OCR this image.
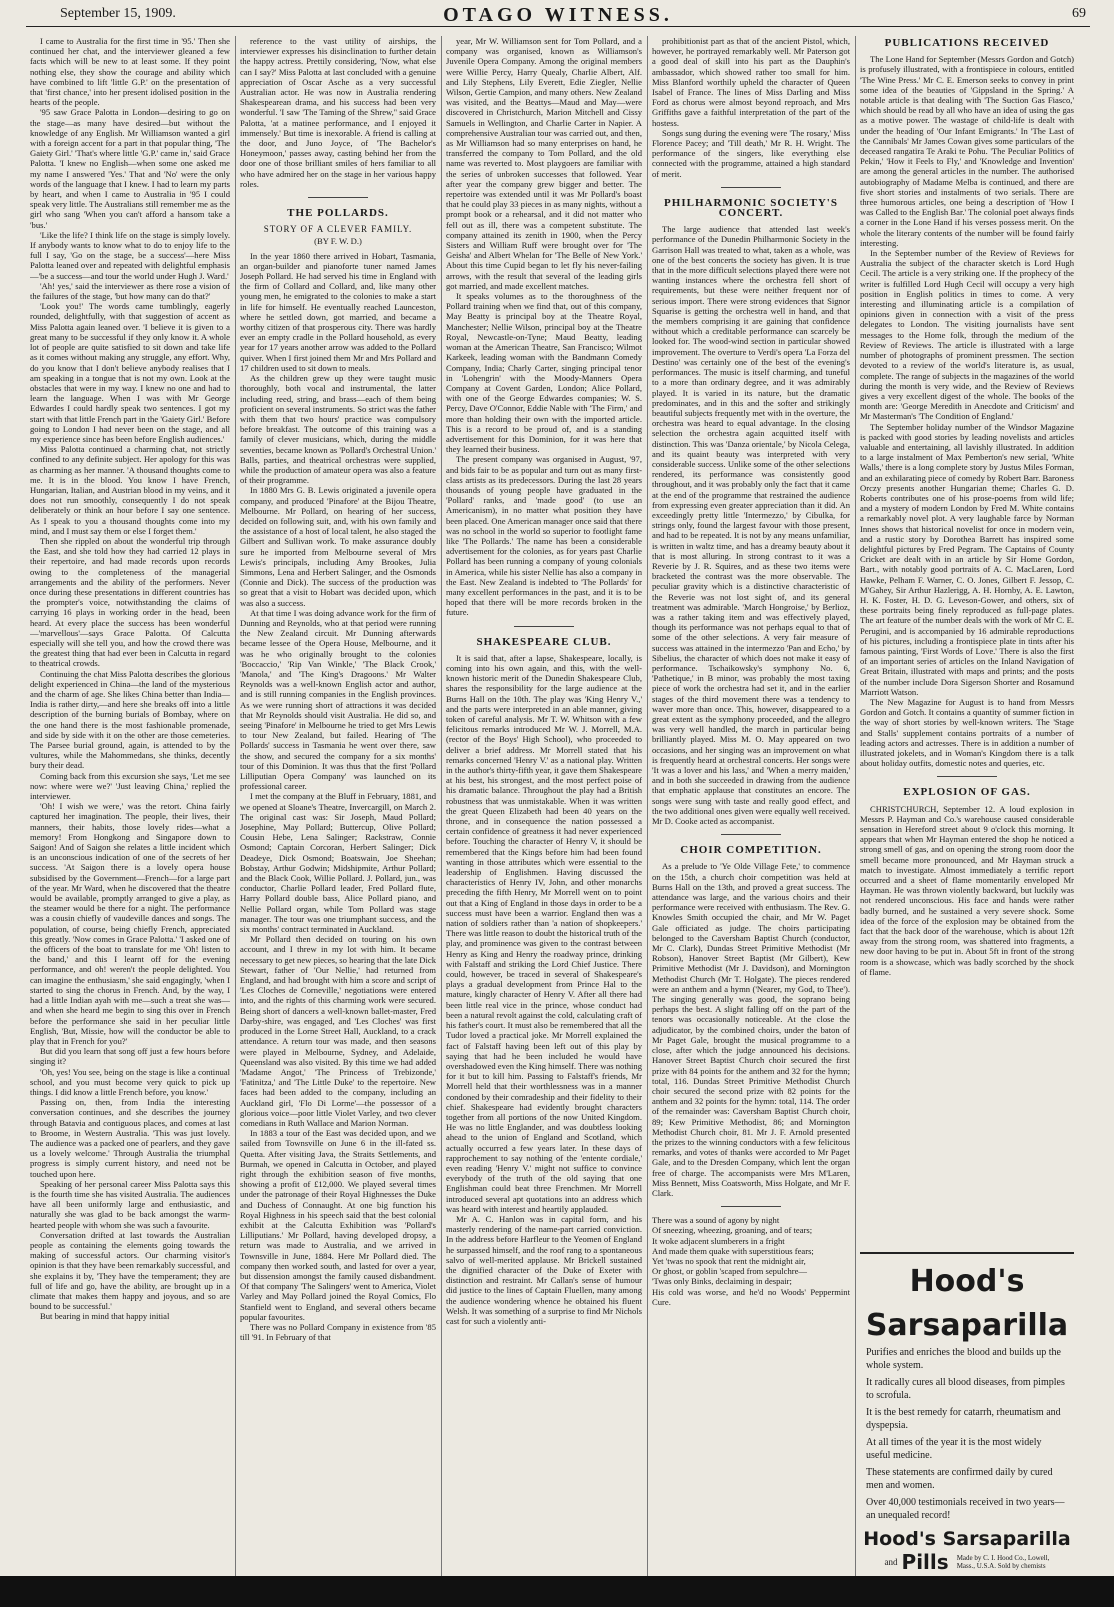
September 15, 1909.	OTAGO WITNESS.	69

I came to Australia for the first time in '95.' Then she continued her chat, and the interviewer gleaned a few facts which will be new to at least some. If they point nothing else, they show the courage and ability which have combined to lift 'little G.P.' on the presentation of that 'first chance,' into her present idolised position in the hearts of the people.

'95 saw Grace Palotta in London—desiring to go on the stage—as many have desired—but without the knowledge of any English. Mr Williamson wanted a girl with a foreign accent for a part in that popular thing, 'The Gaiety Girl.' 'That's where little 'G.P.' came in,' said Grace Palotta. 'I knew no English—when some one asked me my name I answered 'Yes.' That and 'No' were the only words of the language that I knew. I had to learn my parts by heart, and when I came to Australia in '95 I could speak very little. The Australians still remember me as the girl who sang 'When you can't afford a hansom take a 'bus.'

'Like the life? I think life on the stage is simply lovely. If anybody wants to know what to do to enjoy life to the full I say, 'Go on the stage, be a success'—here Miss Palotta leaned over and repeated with delightful emphasis—'be a success—and tour the world under Hugh J. Ward.'

'Ah! yes,' said the interviewer as there rose a vision of the failures of the stage, 'but how many can do that?'

'Look you!' The words came tumblingly, eagerly rounded, delightfully, with that suggestion of accent as Miss Palotta again leaned over. 'I believe it is given to a great many to be successful if they only know it. A whole lot of people are quite satisfied to sit down and take life as it comes without making any struggle, any effort. Why, do you know that I don't believe anybody realises that I am speaking in a tongue that is not my own. Look at the obstacles that were in my way. I knew no one and had to learn the language. When I was with Mr George Edwardes I could hardly speak two sentences. I got my start with that little French part in the 'Gaiety Girl.' Before going to London I had never been on the stage, and all my experience since has been before English audiences.'

Miss Palotta continued a charming chat, not strictly confined to any definite subject. Her apology for this was as charming as her manner. 'A thousand thoughts come to me. It is in the blood. You know I have French, Hungarian, Italian, and Austrian blood in my veins, and it does not run smoothly, consequently I do not speak deliberately or think an hour before I say one sentence. As I speak to you a thousand thoughts come into my mind, and I must say them or else I forget them.'

Then she rippled on about the wonderful trip through the East, and she told how they had carried 12 plays in their repertoire, and had made records upon records owing to the completeness of the managerial arrangements and the ability of the performers. Never once during these presentations in different countries has the prompter's voice, notwithstanding the claims of carrying 16 plays in working order in the head, been heard. At every place the success has been wonderful—'marvellous'—says Grace Palotta. Of Calcutta especially will she tell you, and how the crowd there was the greatest thing that had ever been in Calcutta in regard to theatrical crowds.

Continuing the chat Miss Palotta describes the glorious delight experienced in China—the land of the mysterious and the charm of age. She likes China better than India—India is rather dirty,—and here she breaks off into a little description of the burning burials of Bombay, where on the one hand there is the most fashionable promenade, and side by side with it on the other are those cemeteries. The Parsee burial ground, again, is attended to by the vultures, while the Mahommedans, she thinks, decently bury their dead.

Coming back from this excursion she says, 'Let me see now: where were we?' 'Just leaving China,' replied the interviewer.

'Oh! I wish we were,' was the retort. China fairly captured her imagination. The people, their lives, their manners, their habits, those lovely rides—what a memory! From Hongkong and Singapore down to Saigon! And of Saigon she relates a little incident which is an unconscious indication of one of the secrets of her success. 'At Saigon there is a lovely opera house subsidised by the Government—French—for a large part of the year. Mr Ward, when he discovered that the theatre would be available, promptly arranged to give a play, as the steamer would be there for a night. The performance was a cousin chiefly of vaudeville dances and songs. The population, of course, being chiefly French, appreciated this greatly. 'Now comes in Grace Palotta.' 'I asked one of the officers of the boat to translate for me 'Oh! listen to the band,' and this I learnt off for the evening performance, and oh! weren't the people delighted. You can imagine the enthusiasm,' she said engagingly, 'when I started to sing the chorus in French. And, by the way, I had a little Indian ayah with me—such a treat she was—and when she heard me begin to sing this over in French before the performance she said in her peculiar little English, 'But, Missie, how will the conductor be able to play that in French for you?'

But did you learn that song off just a few hours before singing it?

'Oh, yes! You see, being on the stage is like a continual school, and you must become very quick to pick up things. I did know a little French before, you know.'

Passing on, then, from India the interesting conversation continues, and she describes the journey through Batavia and contiguous places, and comes at last to Broome, in Western Australia. 'This was just lovely. The audience was a packed one of pearlers, and they gave us a lovely welcome.' Through Australia the triumphal progress is simply current history, and need not be touched upon here.

Speaking of her personal career Miss Palotta says this is the fourth time she has visited Australia. The audiences have all been uniformly large and enthusiastic, and naturally she was glad to be back amongst the warm-hearted people with whom she was such a favourite.

Conversation drifted at last towards the Australian people as containing the elements going towards the making of successful actors. Our charming visitor's opinion is that they have been remarkably successful, and she explains it by, 'They have the temperament; they are full of life and go, have the ability, are brought up in a climate that makes them happy and joyous, and so are bound to be successful.'

But bearing in mind that happy initial

reference to the vast utility of airships, the interviewer expresses his disinclination to further detain the happy actress. Prettily considering, 'Now, what else can I say?' Miss Palotta at last concluded with a genuine appreciation of Oscar Asche as a very successful Australian actor. He was now in Australia rendering Shakespearean drama, and his success had been very wonderful. 'I saw 'The Taming of the Shrew,'' said Grace Palotta, 'at a matinee performance, and I enjoyed it immensely.' But time is inexorable. A friend is calling at the door, and Juno Joyce, of 'The Bachelor's Honeymoon,' passes away, casting behind her from the door one of those brilliant smiles of hers familiar to all who have admired her on the stage in her various happy roles.

THE POLLARDS.

STORY OF A CLEVER FAMILY.

(BY F. W. D.)

In the year 1860 there arrived in Hobart, Tasmania, an organ-builder and pianoforte tuner named James Joseph Pollard. He had served his time in England with the firm of Collard and Collard, and, like many other young men, he emigrated to the colonies to make a start in life for himself. He eventually reached Launceston, where he settled down, got married, and became a worthy citizen of that prosperous city. There was hardly ever an empty cradle in the Pollard household, as every year for 17 years another arrow was added to the Pollard quiver. When I first joined them Mr and Mrs Pollard and 17 children used to sit down to meals.

As the children grew up they were taught music thoroughly, both vocal and instrumental, the latter including reed, string, and brass—each of them being proficient on several instruments. So strict was the father with them that two hours' practice was compulsory before breakfast. The outcome of this training was a family of clever musicians, which, during the middle seventies, became known as 'Pollard's Orchestral Union.' Balls, parties, and theatrical orchestras were supplied, while the production of amateur opera was also a feature of their programme.

In 1880 Mrs G. B. Lewis originated a juvenile opera company, and produced 'Pinafore' at the Bijou Theatre, Melbourne. Mr Pollard, on hearing of her success, decided on following suit, and, with his own family and the assistance of a host of local talent, he also staged the Gilbert and Sullivan work. To make assurance doubly sure he imported from Melbourne several of Mrs Lewis's principals, including Amy Brookes, Julia Simmons, Lena and Herbert Salinger, and the Osmonds (Connie and Dick). The success of the production was so great that a visit to Hobart was decided upon, which was also a success.

At that time I was doing advance work for the firm of Dunning and Reynolds, who at that period were running the New Zealand circuit. Mr Dunning afterwards became lessee of the Opera House, Melbourne, and it was he who originally brought to the colonies 'Boccaccio,' 'Rip Van Winkle,' 'The Black Crook,' 'Manola,' and 'The King's Dragoons.' Mr Walter Reynolds was a well-known English actor and author, and is still running companies in the English provinces. As we were running short of attractions it was decided that Mr Reynolds should visit Australia. He did so, and seeing 'Pinafore' in Melbourne he tried to get Mrs Lewis to tour New Zealand, but failed. Hearing of 'The Pollards' success in Tasmania he went over there, saw the show, and secured the company for a six months' tour of this Dominion. It was thus that the first 'Pollard Lilliputian Opera Company' was launched on its professional career.

I met the company at the Bluff in February, 1881, and we opened at Sloane's Theatre, Invercargill, on March 2. The original cast was: Sir Joseph, Maud Pollard; Josephine, May Pollard; Buttercup, Olive Pollard; Cousin Hebe, Lena Salinger; Rackstraw, Connie Osmond; Captain Corcoran, Herbert Salinger; Dick Deadeye, Dick Osmond; Boatswain, Joe Sheehan; Bobstay, Arthur Godwin; Midshipmite, Arthur Pollard; and the Black Cook, Willie Pollard. J. Pollard, jun., was conductor, Charlie Pollard leader, Fred Pollard flute, Harry Pollard double bass, Alice Pollard piano, and Nellie Pollard organ, while Tom Pollard was stage manager. The tour was one triumphant success, and the six months' contract terminated in Auckland.

Mr Pollard then decided on touring on his own account, and I threw in my lot with him. It became necessary to get new pieces, so hearing that the late Dick Stewart, father of 'Our Nellie,' had returned from England, and had brought with him a score and script of 'Les Cloches de Corneville,' negotiations were entered into, and the rights of this charming work were secured. Being short of dancers a well-known ballet-master, Fred Darby-shire, was engaged, and 'Les Cloches' was first produced in the Lorne Street Hall, Auckland, to a crack attendance. A return tour was made, and then seasons were played in Melbourne, Sydney, and Adelaide, Queensland was also visited. By this time we had added 'Madame Angot,' 'The Princess of Trebizonde,' 'Fatinitza,' and 'The Little Duke' to the repertoire. New faces had been added to the company, including an Auckland girl, 'Flo Di Lorme'—the possessor of a glorious voice—poor little Violet Varley, and two clever comedians in Ruth Wallace and Marion Norman.

In 1883 a tour of the East was decided upon, and we sailed from Townsville on June 6 in the ill-fated ss. Quetta. After visiting Java, the Straits Settlements, and Burmah, we opened in Calcutta in October, and played right through the exhibition season of five months, showing a profit of £12,000. We played several times under the patronage of their Royal Highnesses the Duke and Duchess of Connaught. At one big function his Royal Highness in his speech said that the best colonial exhibit at the Calcutta Exhibition was 'Pollard's Lilliputians.' Mr Pollard, having developed dropsy, a return was made to Australia, and we arrived in Townsville in June, 1884. Here Mr Pollard died. The company then worked south, and lasted for over a year, but dissension amongst the family caused disbandment. Of that company 'The Salingers' went to America, Violet Varley and May Pollard joined the Royal Comics, Flo Stanfield went to England, and several others became popular favourites.

There was no Pollard Company in existence from '85 till '91. In February of that

year, Mr W. Williamson sent for Tom Pollard, and a company was organised, known as Williamson's Juvenile Opera Company. Among the original members were Willie Percy, Harry Quealy, Charlie Albert, Alf. and Lily Stephens, Lily Everett, Edie Ziegler, Nellie Wilson, Gertie Campion, and many others. New Zealand was visited, and the Beattys—Maud and May—were discovered in Christchurch, Marion Mitchell and Cissy Samuels in Wellington, and Charlie Carter in Napier. A comprehensive Australian tour was carried out, and then, as Mr Williamson had so many enterprises on hand, he transferred the company to Tom Pollard, and the old name was reverted to. Most playgoers are familiar with the series of unbroken successes that followed. Year after year the company grew bigger and better. The repertoire was extended until it was Mr Pollard's boast that he could play 33 pieces in as many nights, without a prompt book or a rehearsal, and it did not matter who fell out as ill, there was a competent substitute. The company attained its zenith in 1900, when the Percy Sisters and William Ruff were brought over for 'The Geisha' and Albert Whelan for 'The Belle of New York.' About this time Cupid began to let fly his never-failing arrows, with the result that several of the leading girls got married, and made excellent matches.

It speaks volumes as to the thoroughness of the Pollard training when we find that, out of this company, May Beatty is principal boy at the Theatre Royal, Manchester; Nellie Wilson, principal boy at the Theatre Royal, Newcastle-on-Tyne; Maud Beatty, leading woman at the American Theatre, San Francisco; Wilmot Karkeek, leading woman with the Bandmann Comedy Company, India; Charly Carter, singing principal tenor in 'Lohengrin' with the Moody-Manners Opera Company at Covent Garden, London; Alice Pollard, with one of the George Edwardes companies; W. S. Percy, Dave O'Connor, Eddie Nable with 'The Firm,' and more than holding their own with the imported article. This is a record to be proud of, and is a standing advertisement for this Dominion, for it was here that they learned their business.

The present company was organised in August, '97, and bids fair to be as popular and turn out as many first-class artists as its predecessors. During the last 28 years thousands of young people have graduated in the 'Pollard' ranks, and 'made good' (to use an Americanism), in no matter what position they have been placed. One American manager once said that there was no school in the world so superior to footlight fame like 'The Pollards.' The name has been a considerable advertisement for the colonies, as for years past Charlie Pollard has been running a company of young colonials in America, while his sister Nellie has also a company in the East. New Zealand is indebted to 'The Pollards' for many excellent performances in the past, and it is to be hoped that there will be more records broken in the future.

SHAKESPEARE CLUB.

It is said that, after a lapse, Shakespeare, locally, is coming into his own again, and this, with the well-known historic merit of the Dunedin Shakespeare Club, shares the responsibility for the large audience at the Burns Hall on the 10th. The play was 'King Henry V.,' and the parts were interpreted in an able manner, giving token of careful analysis. Mr T. W. Whitson with a few felicitous remarks introduced Mr W. J. Morrell, M.A. (rector of the Boys' High School), who proceeded to deliver a brief address. Mr Morrell stated that his remarks concerned 'Henry V.' as a national play. Written in the author's thirty-fifth year, it gave them Shakespeare at his best, his strongest, and the most perfect poise of his dramatic balance. Throughout the play had a British robustness that was unmistakable. When it was written the great Queen Elizabeth had been 40 years on the throne, and in consequence the nation possessed a certain confidence of greatness it had never experienced before. Touching the character of Henry V, it should be remembered that the Kings before him had been found wanting in those attributes which were essential to the leadership of Englishmen. Having discussed the characteristics of Henry IV, John, and other monarchs preceding the fifth Henry, Mr Morrell went on to point out that a King of England in those days in order to be a success must have been a warrior. England then was a nation of soldiers rather than 'a nation of shopkeepers.' There was little reason to doubt the historical truth of the play, and prominence was given to the contrast between Henry as King and Henry the roadway prince, drinking with Falstaff and striking the Lord Chief Justice. There could, however, be traced in several of Shakespeare's plays a gradual development from Prince Hal to the mature, kingly character of Henry V. After all there had been little real vice in the prince, whose conduct had been a natural revolt against the cold, calculating craft of his father's court. It must also be remembered that all the Tudor loved a practical joke. Mr Morrell explained the fact of Falstaff having been left out of this play by saying that had he been included he would have overshadowed even the King himself. There was nothing for it but to kill him. Passing to Falstaff's friends, Mr Morrell held that their worthlessness was in a manner condoned by their comradeship and their fidelity to their chief. Shakespeare had evidently brought characters together from all portions of the now United Kingdom. He was no little Englander, and was doubtless looking ahead to the union of England and Scotland, which actually occurred a few years later. In these days of rapprochement to say nothing of the 'entente cordiale,' even reading 'Henry V.' might not suffice to convince everybody of the truth of the old saying that one Englishman could beat three Frenchmen. Mr Morrell introduced several apt quotations into an address which was heard with interest and heartily applauded.

Mr A. C. Hanlon was in capital form, and his masterly rendering of the name-part carried conviction. In the address before Harfleur to the Yeomen of England he surpassed himself, and the roof rang to a spontaneous salvo of well-merited applause. Mr Brickell sustained the dignified character of the Duke of Exeter with distinction and restraint. Mr Callan's sense of humour did justice to the lines of Captain Fluellen, many among the audience wondering whence he obtained his fluent Welsh. It was something of a surprise to find Mr Nichols cast for such a violently anti-

prohibitionist part as that of the ancient Pistol, which, however, he portrayed remarkably well. Mr Paterson got a good deal of skill into his part as the Dauphin's ambassador, which showed rather too small for him. Miss Blanford worthily upheld the character of Queen Isabel of France. The lines of Miss Darling and Miss Ford as chorus were almost beyond reproach, and Mrs Griffiths gave a faithful interpretation of the part of the hostess.

Songs sung during the evening were 'The rosary,' Miss Florence Pacey; and 'Till death,' Mr R. H. Wright. The performance of the singers, like everything else connected with the programme, attained a high standard of merit.

PHILHARMONIC SOCIETY'S

CONCERT.

The large audience that attended last week's performance of the Dunedin Philharmonic Society in the Garrison Hall was treated to what, taken as a whole, was one of the best concerts the society has given. It is true that in the more difficult selections played there were not wanting instances where the orchestra fell short of requirements, but these were neither frequent nor of serious import. There were strong evidences that Signor Squarise is getting the orchestra well in hand, and that the members comprising it are gaining that confidence without which a creditable performance can scarcely be looked for. The wood-wind section in particular showed improvement. The overture to Verdi's opera 'La Forza del Destino' was certainly one of the best of the evening's performances. The music is itself charming, and tuneful to a more than ordinary degree, and it was admirably played. It is varied in its nature, but the dramatic predominates, and in this and the softer and strikingly beautiful subjects frequently met with in the overture, the orchestra was heard to equal advantage. In the closing selection the orchestra again acquitted itself with distinction. This was 'Danza orientale,' by Nicola Celega, and its quaint beauty was interpreted with very considerable success. Unlike some of the other selections rendered, its performance was consistently good throughout, and it was probably only the fact that it came at the end of the programme that restrained the audience from expressing even greater appreciation than it did. An exceedingly pretty little 'Intermezzo,' by Cibulka, for strings only, found the largest favour with those present, and had to be repeated. It is not by any means unfamiliar, is written in waltz time, and has a dreamy beauty about it that is most alluring. In strong contrast to it was a Reverie by J. R. Squires, and as these two items were bracketed the contrast was the more observable. The peculiar gravity which is a distinctive characteristic of the Reverie was not lost sight of, and its general treatment was admirable. 'March Hongroise,' by Berlioz, was a rather taking item and was effectively played, though its performance was not perhaps equal to that of some of the other selections. A very fair measure of success was attained in the intermezzo 'Pan and Echo,' by Sibelius, the character of which does not make it easy of performance. Tschaikowsky's symphony No. 6, 'Pathetique,' in B minor, was probably the most taxing piece of work the orchestra had set it, and in the earlier stages of the third movement there was a tendency to waver more than once. This, however, disappeared to a great extent as the symphony proceeded, and the allegro was very well handled, the march in particular being brilliantly played. Miss M. O. May appeared on two occasions, and her singing was an improvement on what is frequently heard at orchestral concerts. Her songs were 'It was a lover and his lass,' and 'When a merry maiden,' and in both she succeeded in drawing from the audience that emphatic applause that constitutes an encore. The songs were sung with taste and really good effect, and the two additional ones given were equally well received. Mr D. Cooke acted as accompanist.

CHOIR COMPETITION.

As a prelude to 'Ye Olde Village Fete,' to commence on the 15th, a church choir competition was held at Burns Hall on the 13th, and proved a great success. The attendance was large, and the various choirs and their performance were received with enthusiasm. The Rev. G. Knowles Smith occupied the chair, and Mr W. Paget Gale officiated as judge. The choirs participating belonged to the Caversham Baptist Church (conductor, Mr C. Clark), Dundas Street Primitive Methodist (Mr Robson), Hanover Street Baptist (Mr Gilbert), Kew Primitive Methodist (Mr J. Davidson), and Mornington Methodist Church (Mr T. Holgate). The pieces rendered were an anthem and a hymn ('Nearer, my God, to Thee'). The singing generally was good, the soprano being perhaps the best. A slight falling off on the part of the tenors was occasionally noticeable. At the close the adjudicator, by the combined choirs, under the baton of Mr Paget Gale, brought the musical programme to a close, after which the judge announced his decisions. Hanover Street Baptist Church choir secured the first prize with 84 points for the anthem and 32 for the hymn; total, 116. Dundas Street Primitive Methodist Church choir secured the second prize with 82 points for the anthem and 32 points for the hymn: total, 114. The order of the remainder was: Caversham Baptist Church choir, 89; Kew Primitive Methodist, 86; and Mornington Methodist Church choir, 81. Mr J. F. Arnold presented the prizes to the winning conductors with a few felicitous remarks, and votes of thanks were accorded to Mr Paget Gale, and to the Dresden Company, which lent the organ free of charge. The accompanists were Mrs M'Laren, Miss Bennett, Miss Coatsworth, Miss Holgate, and Mr F. Clark.

There was a sound of agony by night

Of sneezing, wheezing, groaning, and of tears;

It woke adjacent slumberers in a fright

And made them quake with superstitious fears;

Yet 'twas no spook that rent the midnight air,

Or ghost, or goblin 'scaped from sepulchre—

'Twas only Binks, declaiming in despair;

His cold was worse, and he'd no Woods' Peppermint Cure.

PUBLICATIONS RECEIVED

The Lone Hand for September (Messrs Gordon and Gotch) is profusely illustrated, with a frontispiece in colours, entitled 'The Wine Press.' Mr C. E. Emerson seeks to convey in print some idea of the beauties of 'Gippsland in the Spring.' A notable article is that dealing with 'The Suction Gas Fiasco,' which should be read by all who have an idea of using the gas as a motive power. The wastage of child-life is dealt with under the heading of 'Our Infant Emigrants.' In 'The Last of the Cannibals' Mr James Cowan gives some particulars of the deceased rangatira Te Araki te Pohu. 'The Peculiar Politics of Pekin,' 'How it Feels to Fly,' and 'Knowledge and Invention' are among the general articles in the number. The authorised autobiography of Madame Melba is continued, and there are five short stories and instalments of two serials. There are three humorous articles, one being a description of 'How I was Called to the English Bar.' The colonial poet always finds a corner in the Lone Hand if his verses possess merit. On the whole the literary contents of the number will be found fairly interesting.

In the September number of the Review of Reviews for Australia the subject of the character sketch is Lord Hugh Cecil. The article is a very striking one. If the prophecy of the writer is fulfilled Lord Hugh Cecil will occupy a very high position in English politics in times to come. A very interesting and illuminating article is a compilation of opinions given in connection with a visit of the press delegates to London. The visiting journalists have sent messages to the Home folk, through the medium of the Review of Reviews. The article is illustrated with a large number of photographs of prominent pressmen. The section devoted to a review of the world's literature is, as usual, complete. The range of subjects in the magazines of the world during the month is very wide, and the Review of Reviews gives a very excellent digest of the whole. The books of the month are: 'George Meredith in Anecdote and Criticism' and Mr Masterman's 'The Condition of England.'

The September holiday number of the Windsor Magazine is packed with good stories by leading novelists and articles valuable and entertaining, all lavishly illustrated. In addition to a large instalment of Max Pemberton's new serial, 'White Walls,' there is a long complete story by Justus Miles Forman, and an exhilarating piece of comedy by Robert Barr. Baroness Orczy presents another Hungarian theme; Charles G. D. Roberts contributes one of his prose-poems from wild life; and a mystery of modern London by Fred M. White contains a remarkably novel plot. A very laughable farce by Norman Innes shows that historical novelist for once in modern vein, and a rustic story by Dorothea Barrett has inspired some delightful pictures by Fred Pegram. The Captains of County Cricket are dealt with in an article by Sir Home Gordon, Bart., with notably good portraits of A. C. MacLaren, Lord Hawke, Pelham F. Warner, C. O. Jones, Gilbert F. Jessop, C. M'Gahey, Sir Arthur Hazlerigg, A. H. Hornby, A. E. Lawton, H. K. Foster, H. D. G. Leveson-Gower, and others, six of these portraits being finely reproduced as full-page plates. The art feature of the number deals with the work of Mr C. E. Perugini, and is accompanied by 16 admirable reproductions of his pictures, including a frontispiece plate in tints after his famous painting, 'First Words of Love.' There is also the first of an important series of articles on the Inland Navigation of Great Britain, illustrated with maps and prints; and the posts of the number include Dora Sigerson Shorter and Rosamund Marriott Watson.

The New Magazine for August is to hand from Messrs Gordon and Gotch. It contains a quantity of summer fiction in the way of short stories by well-known writers. The 'Stage and Stalls' supplement contains portraits of a number of leading actors and actresses. There is in addition a number of illustrated jokelets, and in Woman's Kingdom there is a talk about holiday outfits, domestic notes and queries, etc.

EXPLOSION OF GAS.

CHRISTCHURCH, September 12. A loud explosion in Messrs P. Hayman and Co.'s warehouse caused considerable sensation in Hereford street about 9 o'clock this morning. It appears that when Mr Hayman entered the shop he noticed a strong smell of gas, and on opening the strong room door the smell became more pronounced, and Mr Hayman struck a match to investigate. Almost immediately a terrific report occurred and a sheet of flame momentarily enveloped Mr Hayman. He was thrown violently backward, but luckily was not rendered unconscious. His face and hands were rather badly burned, and he sustained a very severe shock. Some idea of the force of the explosion may be obtained from the fact that the back door of the warehouse, which is about 12ft away from the strong room, was shattered into fragments, a new door having to be put in. About 5ft in front of the strong room is a showcase, which was badly scorched by the shock of flame.

Hood's
Sarsaparilla

Purifies and enriches the blood and builds up the whole system.

It radically cures all blood diseases, from pimples to scrofula.

It is the best remedy for catarrh, rheumatism and dyspepsia.

At all times of the year it is the most widely useful medicine.

These statements are confirmed daily by cured men and women.

Over 40,000 testimonials received in two years—an unequaled record!

Hood's Sarsaparilla
and Pills Made by C. I. Hood Co., Lowell,
Mass., U.S.A. Sold by chemists
